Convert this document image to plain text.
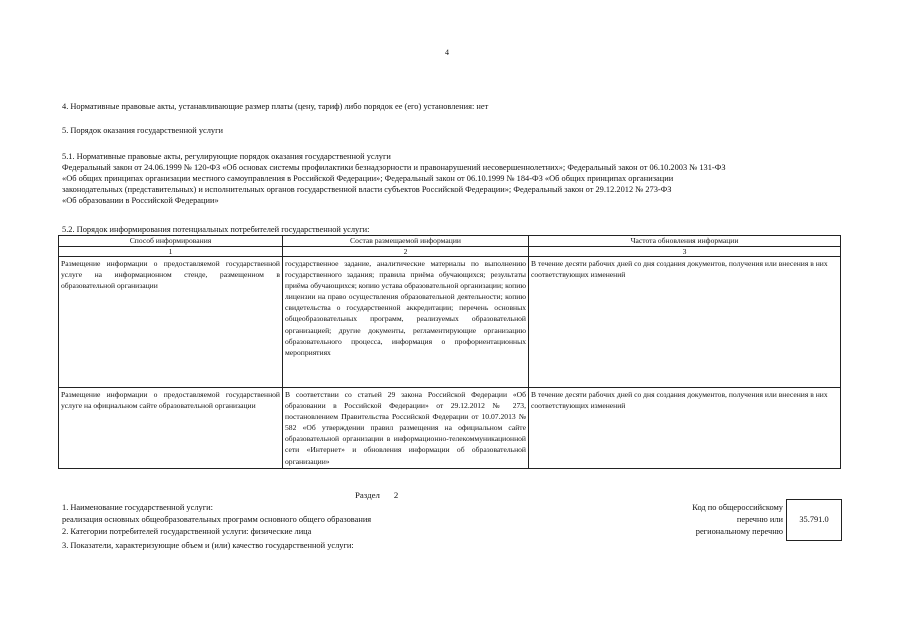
4
4. Нормативные правовые акты, устанавливающие размер платы (цену, тариф) либо порядок ее (его) установления: нет
5. Порядок оказания государственной услуги
5.1. Нормативные правовые акты, регулирующие порядок оказания государственной услуги
Федеральный закон от 24.06.1999 № 120-ФЗ «Об основах системы профилактики безнадзорности и правонарушений несовершеннолетних»; Федеральный закон от 06.10.2003 № 131-ФЗ
«Об общих принципах организации местного самоуправления в Российской Федерации»; Федеральный закон от 06.10.1999 № 184-ФЗ «Об общих принципах организации
законодательных (представительных) и исполнительных органов государственной власти субъектов Российской Федерации»; Федеральный закон от 29.12.2012 № 273-ФЗ
«Об образовании в Российской Федерации»
5.2. Порядок информирования потенциальных потребителей государственной услуги:
Способ информирования	Состав размещаемой информации	Частота обновления информации
1	2	3
Размещение информации о предоставляемой государственной услуге на информационном стенде, размещенном в образовательной организации	государственное задание, аналитические материалы по выполнению государственного задания; правила приёма обучающихся; результаты приёма обучающихся; копию устава образовательной организации; копию лицензии на право осуществления образовательной деятельности; копию свидетельства о государственной аккредитации; перечень основных общеобразовательных программ, реализуемых образовательной организацией; другие документы, регламентирующие организацию образовательного процесса, информация о профориентационных мероприятиях	В течение десяти рабочих дней со дня создания документов, получения или внесения в них соответствующих изменений
Размещение информации о предоставляемой государственной услуге на официальном сайте образовательной организации	В соответствии со статьей 29 закона Российской Федерации «Об образовании в Российской Федерации» от 29.12.2012 № 273, постановлением Правительства Российской Федерации от 10.07.2013 № 582 «Об утверждении правил размещения на официальном сайте образовательной организации в информационно-телекоммуникационной сети «Интернет» и обновления информации об образовательной организации»	В течение десяти рабочих дней со дня создания документов, получения или внесения в них соответствующих изменений
Раздел 2
1. Наименование государственной услуги:
реализация основных общеобразовательных программ основного общего образования
2. Категории потребителей государственной услуги: физические лица
3. Показатели, характеризующие объем и (или) качество государственной услуги:
Код по общероссийскому
перечню или
региональному перечню
35.791.0
